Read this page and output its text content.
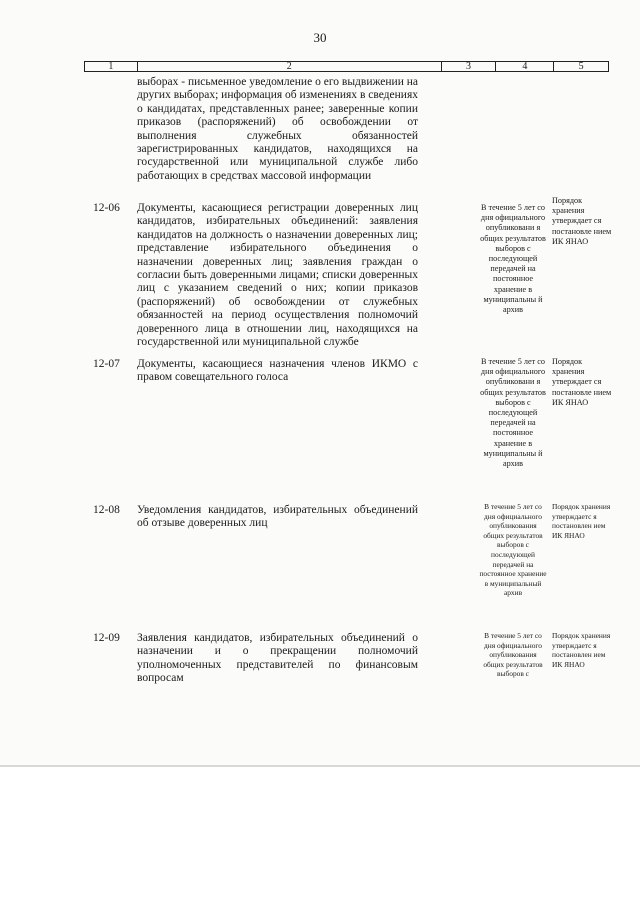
30
1	2	3	4	5
выборах - письменное уведомление о его выдвижении на других выборах; информация об изменениях в сведениях о кандидатах, представленных ранее; заверенные копии приказов (распоряжений) об освобождении от выполнения служебных обязанностей зарегистрированных кандидатов, находящихся на государственной или муниципальной службе либо работающих в средствах массовой информации
12-06 Документы, касающиеся регистрации доверенных лиц кандидатов, избирательных объединений: заявления кандидатов на должность о назначении доверенных лиц; представление избирательного объединения о назначении доверенных лиц; заявления граждан о согласии быть доверенными лицами; списки доверенных лиц с указанием сведений о них; копии приказов (распоряжений) об освобождении от служебных обязанностей на период осуществления полномочий доверенного лица в отношении лиц, находящихся на государственной или муниципальной службе
В течение 5 лет со дня официального опубликовани я общих результатов выборов с последующей передачей на постоянное хранение в муниципальны й архив
Порядок хранения утверждает ся постановле нием ИК ЯНАО
12-07 Документы, касающиеся назначения членов ИКМО с правом совещательного голоса
В течение 5 лет со дня официального опубликовани я общих результатов выборов с последующей передачей на постоянное хранение в муниципальны й архив
Порядок хранения утверждает ся постановле нием ИК ЯНАО
12-08 Уведомления кандидатов, избирательных объединений об отзыве доверенных лиц
В течение 5 лет со дня официального опубликования общих результатов выборов с последующей передачей на постоянное хранение в муниципальный архив
Порядок хранения утверждаетс я постановлен ием ИК ЯНАО
12-09 Заявления кандидатов, избирательных объединений о назначении и о прекращении полномочий уполномоченных представителей по финансовым вопросам
В течение 5 лет со дня официального опубликования общих результатов выборов с
Порядок хранения утверждаетс я постановлен ием ИК ЯНАО
